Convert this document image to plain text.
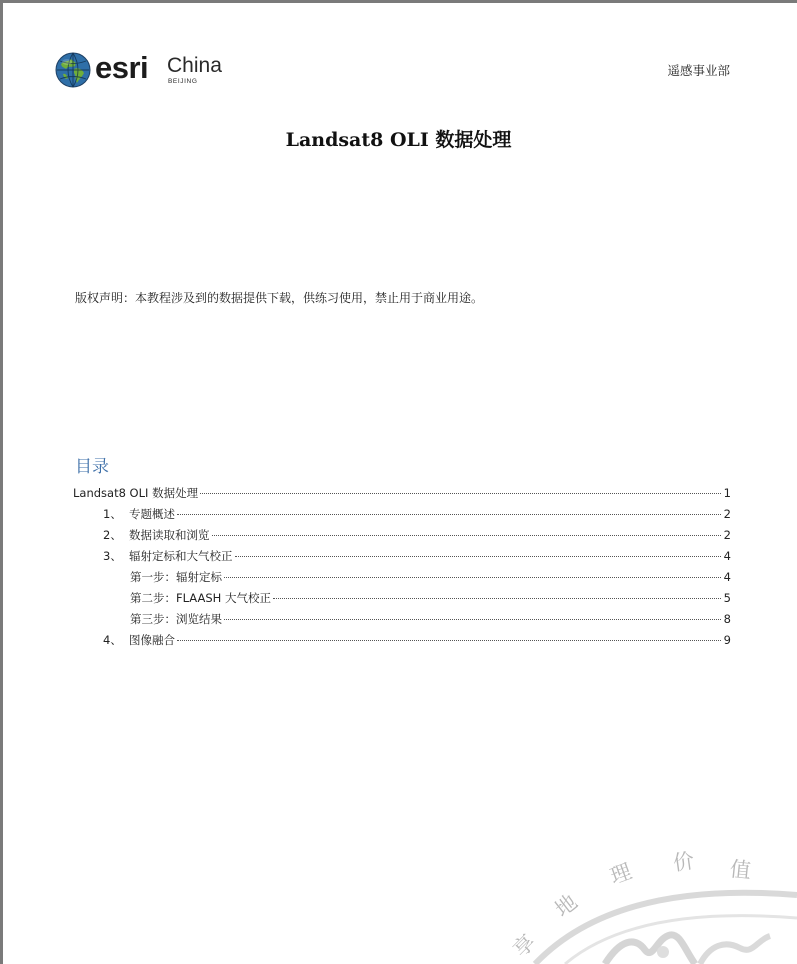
esri China
BEIJING
遥感事业部
Landsat8 OLI 数据处理
版权声明：本教程涉及到的数据提供下载，供练习使用，禁止用于商业用途。
目录
Landsat8 OLI 数据处理	1
1、 专题概述	2
2、 数据读取和浏览	2
3、 辐射定标和大气校正	4
第一步：辐射定标	4
第二步：FLAASH 大气校正	5
第三步：浏览结果	8
4、 图像融合	9
享
地
理 价 值
